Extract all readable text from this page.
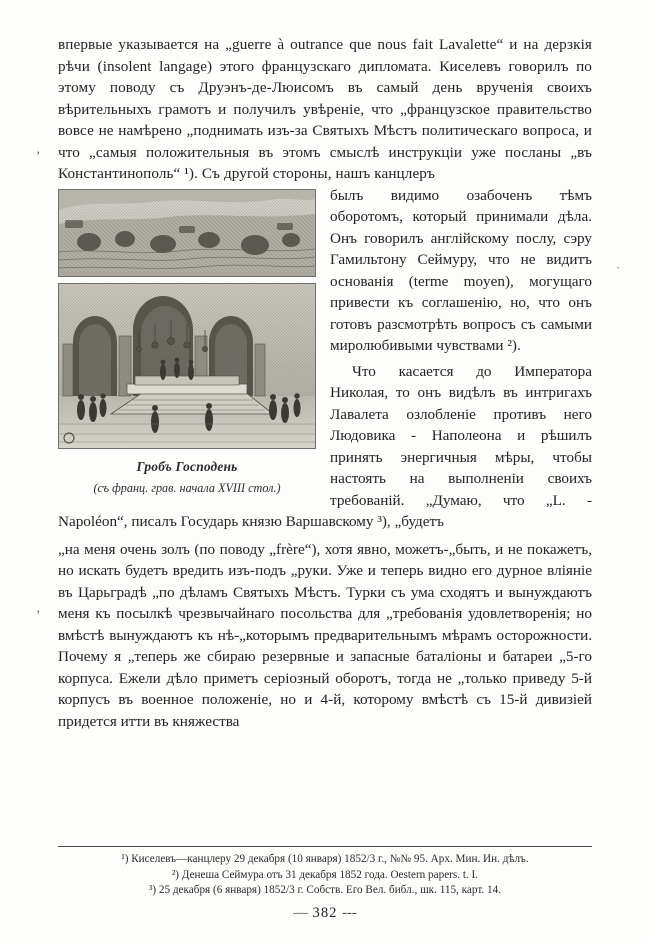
ʼ
ʼ
·

впервые указывается на „guerre à outrance que nous fait Lavalette“ и на дерзкія рѣчи (insolent langage) этого французскаго дипломата. Киселевъ говорилъ по этому поводу съ Друэнъ-де-Люисомъ въ самый день врученія своихъ вѣрительныхъ грамотъ и получилъ увѣреніе, что „французское правительство вовсе не намѣрено „поднимать изъ-за Святыхъ Мѣстъ политическаго вопроса, и что „самыя положительныя въ этомъ смыслѣ инструкціи уже посланы „въ Константинополь“ ¹). Съ другой стороны, нашъ канцлеръ

Гробъ Господень
(съ франц. грав. начала XVIII стол.)

былъ видимо озабоченъ тѣмъ оборотомъ, который принимали дѣла. Онъ говорилъ англійскому послу, сэру Гамильтону Сеймуру, что не видитъ основанія (terme moyen), могущаго привести къ соглашенію, но, что онъ готовъ разсмотрѣть вопросъ съ самыми миролюбивыми чувствами ²).

Что касается до Императора Николая, то онъ видѣлъ въ интригахъ Лавалета озлобленіе противъ него Людовика - Наполеона и рѣшилъ принять энергичныя мѣры, чтобы настоять на выполненіи своихъ требованій. „Думаю, что „L. - Napoléon“, писалъ Государь князю Варшавскому ³), „будетъ

„на меня очень золъ (по поводу „frère“), хотя явно, можетъ-„быть, и не покажетъ, но искать будетъ вредить изъ-подъ „руки. Уже и теперь видно его дурное вліяніе въ Царьградѣ „по дѣламъ Святыхъ Мѣстъ. Турки съ ума сходятъ и вынуждаютъ меня къ посылкѣ чрезвычайнаго посольства для „требованія удовлетворенія; но вмѣстѣ вынуждаютъ къ нѣ-„которымъ предварительнымъ мѣрамъ осторожности. Почему я „теперь же сбираю резервные и запасные баталіоны и батареи „5-го корпуса. Ежели дѣло приметъ серіозный оборотъ, тогда не „только приведу 5-й корпусъ въ военное положеніе, но и 4-й, которому вмѣстѣ съ 15-й дивизіей придется итти въ княжества

¹) Киселевъ—канцлеру 29 декабря (10 января) 1852/3 г., №№ 95. Арх. Мин. Ин. дѣлъ.

²) Денеша Сеймура отъ 31 декабря 1852 года. Oestern papers. t. I.

³) 25 декабря (6 января) 1852/3 г. Собств. Его Вел. библ., шк. 115, карт. 14.

— 382 ---
